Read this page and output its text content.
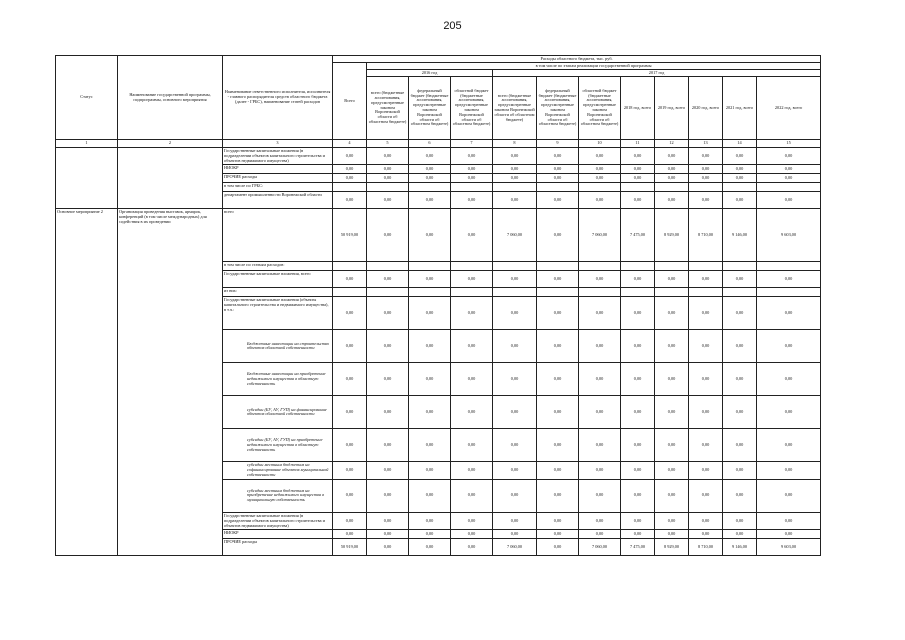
205
Статус	Наименование государственной программы, подпрограммы, основного мероприятия	Наименование ответственного исполнителя, исполнителя - главного распорядителя средств областного бюджета (далее - ГРБС), наименование статей расходов	Расходы областного бюджета, тыс. руб.											
			Всего	в том числе по этапам реализации государственной программы										
				2016 год			2017 год							
				всего (бюджетные ассигнования, предусмотренные законом Воронежской области об областном бюджете)	федеральный бюджет (бюджетные ассигнования, предусмотренные законом Воронежской области об областном бюджете)	областной бюджет (бюджетные ассигнования, предусмотренные законом Воронежской области об областном бюджете)	всего (бюджетные ассигнования, предусмотренные законом Воронежской области об областном бюджете)	федеральный бюджет (бюджетные ассигнования, предусмотренные законом Воронежской области об областном бюджете)	областной бюджет (бюджетные ассигнования, предусмотренные законом Воронежской области об областном бюджете)	2018 год, всего	2019 год, всего	2020 год, всего	2021 год, всего	2022 год, всего
1	2	3	4	5	6	7	8	9	10	11	12	13	14	15
		Государственные капитальные вложения (в подразделении объектов капитального строительства и объектов недвижимого имущества)	0,00	0,00	0,00	0,00	0,00	0,00	0,00	0,00	0,00	0,00	0,00	0,00
		НИОКР	0,00	0,00	0,00	0,00	0,00	0,00	0,00	0,00	0,00	0,00	0,00	0,00
		ПРОЧИЕ расходы	0,00	0,00	0,00	0,00	0,00	0,00	0,00	0,00	0,00	0,00	0,00	0,00
		в том числе по ГРБС:												
		департамент промышленности Воронежской области	0,00	0,00	0,00	0,00	0,00	0,00	0,00	0,00	0,00	0,00	0,00	0,00
Основное мероприятие 2	Организация проведения выставок, ярмарок, конференций (в том числе международных) для содействия в их проведении	всего	50 919,00	0,00	0,00	0,00	7 060,00	0,00	7 060,00	7 475,00	8 929,00	8 710,00	9 146,00	9 603,00
		в том числе по статьям расходов:												
		Государственные капитальные вложения, всего	0,00	0,00	0,00	0,00	0,00	0,00	0,00	0,00	0,00	0,00	0,00	0,00
		из них:												
		Государственные капитальные вложения (объекты капитального строительства и недвижимого имущества), в т.ч.:	0,00	0,00	0,00	0,00	0,00	0,00	0,00	0,00	0,00	0,00	0,00	0,00
		Бюджетные инвестиции на строительство объектов областной собственности	0,00	0,00	0,00	0,00	0,00	0,00	0,00	0,00	0,00	0,00	0,00	0,00
		Бюджетные инвестиции на приобретение недвижимого имущества в областную собственность	0,00	0,00	0,00	0,00	0,00	0,00	0,00	0,00	0,00	0,00	0,00	0,00
		субсидии (БУ, АУ, ГУП) на финансирование объектов областной собственности	0,00	0,00	0,00	0,00	0,00	0,00	0,00	0,00	0,00	0,00	0,00	0,00
		субсидии (БУ, АУ, ГУП) на приобретение недвижимого имущества в областную собственность	0,00	0,00	0,00	0,00	0,00	0,00	0,00	0,00	0,00	0,00	0,00	0,00
		субсидии местным бюджетам на софинансирование объектов муниципальной собственности	0,00	0,00	0,00	0,00	0,00	0,00	0,00	0,00	0,00	0,00	0,00	0,00
		субсидии местным бюджетам на приобретение недвижимого имущества в муниципальную собственность	0,00	0,00	0,00	0,00	0,00	0,00	0,00	0,00	0,00	0,00	0,00	0,00
		Государственные капитальные вложения (в подразделении объектов капитального строительства и объектов недвижимого имущества)	0,00	0,00	0,00	0,00	0,00	0,00	0,00	0,00	0,00	0,00	0,00	0,00
		НИОКР	0,00	0,00	0,00	0,00	0,00	0,00	0,00	0,00	0,00	0,00	0,00	0,00
		ПРОЧИЕ расходы	50 919,00	0,00	0,00	0,00	7 060,00	0,00	7 060,00	7 475,00	8 929,00	8 710,00	9 146,00	9 603,00
